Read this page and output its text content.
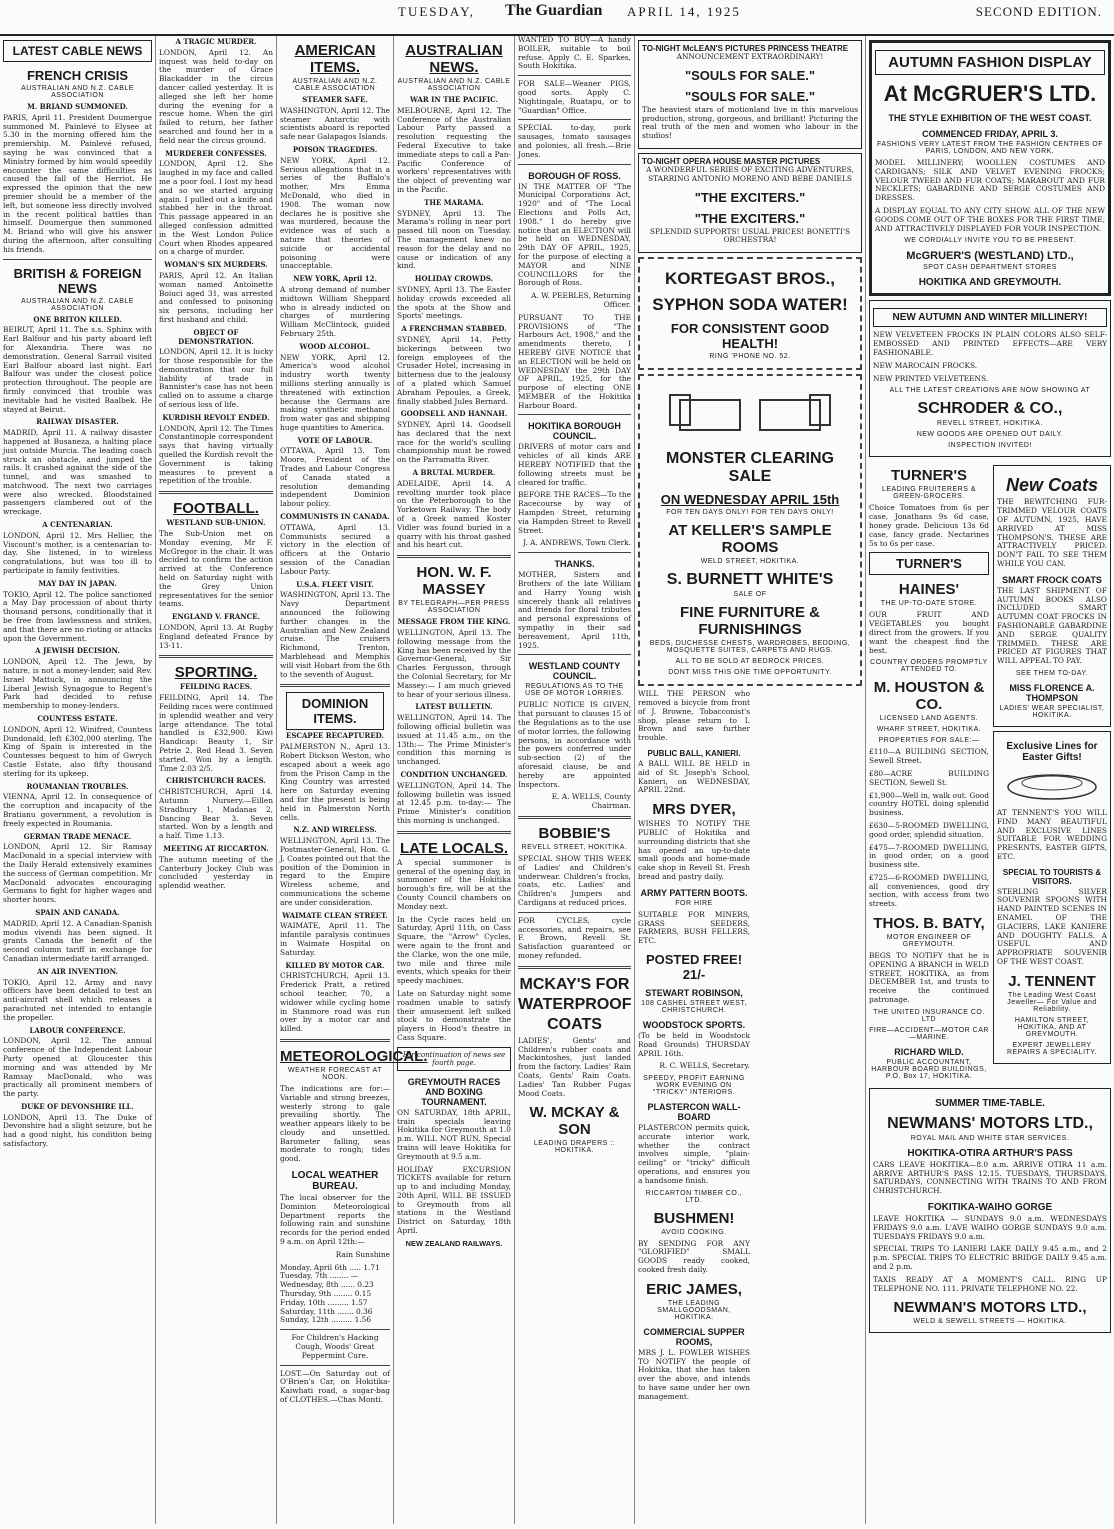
TUESDAY, The Guardian APRIL 14, 1925	SECOND EDITION.
LATEST CABLE NEWS
FRENCH CRISIS
AUSTRALIAN AND N.Z. CABLE ASSOCIATION
M. BRIAND SUMMONED.
PARIS, April 11. President Doumergue summoned M. Painlevé to Elysee at 5.30 in the morning offered him the premiership. M. Painlevé refused, saying he was convinced that a Ministry formed by him would speedily encounter the same difficulties as caused the fall of the Herriot. He expressed the opinion that the new premier should be a member of the left, but someone less directly involved in the recent political battles than himself. Doumergue then summoned M. Briand who will give his answer during the afternoon, after consulting his friends.
BRITISH & FOREIGN NEWS
AUSTRALIAN AND N.Z. CABLE ASSOCIATION
ONE BRITON KILLED.
BEIRUT, April 11. The s.s. Sphinx with Earl Balfour and his party aboard left for Alexandria. There was no demonstration. General Sarrail visited Earl Balfour aboard last night. Earl Balfour was under the closest police protection throughout. The people are firmly convinced that trouble was inevitable had he visited Baalbek. He stayed at Beirut.
RAILWAY DISASTER.
MADRID, April 11. A railway disaster happened at Busaneza, a halting place just outside Murcia. The leading coach struck an obstacle, and jumped the rails. It crashed against the side of the tunnel, and was smashed to matchwood. The next two carriages were also wrecked. Bloodstained passengers clambered out of the wreckage.
A CENTENARIAN.
LONDON, April 12. Mrs Hellier, the Viscount's mother, is a centenarian to-day. She listened, in to wireless congratulations, but was too ill to participate in family festivities.
MAY DAY IN JAPAN.
TOKIO, April 12. The police sanctioned a May Day procession of about thirty thousand persons, conditionally that it be free from lawlessness and strikes, and that there are no rioting or attacks upon the Government.
A JEWISH DECISION.
LONDON, April 12. The Jews, by nature, is not a money-lender, said Rev. Israel Mattuck, in announcing the Liberal Jewish Synagogue to Regent's Park had decided to refuse membership to money-lenders.
COUNTESS ESTATE.
LONDON, April 12. Winifred, Countess Dundonald, left £302,000 sterling. The King of Spain is interested in the Countesses bequest to him of Gwrych Castle Estate, also fifty thousand sterling for its upkeep.
ROUMANIAN TROUBLES.
VIENNA, April 12. In consequence of the corruption and incapacity of the Bratianu government, a revolution is freely expected in Roumania.
GERMAN TRADE MENACE.
LONDON, April 12. Sir Ramsay MacDonald in a special interview with the Daily Herald extensively examines the success of German competition. Mr MacDonald advocates encouraging Germans to fight for higher wages and shorter hours.
SPAIN AND CANADA.
MADRID, April 12. A Canadian-Spanish modus vivendi has been signed. It grants Canada the benefit of the second column tariff in exchange for Canadian intermediate tariff arranged.
AN AIR INVENTION.
TOKIO, April 12. Army and navy officers have been detailed to test an anti-aircraft shell which releases a parachuted net intended to entangle the propeller.
LABOUR CONFERENCE.
LONDON, April 12. The annual conference of the Independent Labour Party opened at Gloucester this morning and was attended by Mr Ramsay MacDonald, who was practically all prominent members of the party.
DUKE OF DEVONSHIRE ILL.
LONDON, April 13. The Duke of Devonshire had a slight seizure, but he had a good night, his condition being satisfactory.
A TRAGIC MURDER.
LONDON, April 12. An inquest was held to-day on the murder of Grace Blackadder in the circus dancer called yesterday. It is alleged she left her home during the evening for a rescue home. When the girl failed to return, her father searched and found her in a field near the circus ground.
MURDERER CONFESSES.
LONDON, April 12. She laughed in my face and called me a poor fool. I lost my head and so we started arguing again. I pulled out a knife and stabbed her in the throat. This passage appeared in an alleged confession admitted in the West London Police Court when Rhodes appeared on a charge of murder.
WOMAN'S SIX MURDERS.
PARIS, April 12. An Italian woman named Antoinette Boiuci aged 31, was arrested and confessed to poisoning six persons, including her first husband and child.
OBJECT OF DEMONSTRATION.
LONDON, April 12. It is lucky for those responsible for the demonstration that our full liability of trade in Bannister's case has not been called on to assume a charge of serious loss of life.
KURDISH REVOLT ENDED.
LONDON, April 12. The Times Constantinople correspondent says that having virtually quelled the Kurdish revolt the Government is taking measures to prevent a repetition of the trouble.
FOOTBALL.
WESTLAND SUB-UNION.
The Sub-Union met on Monday evening, Mr F. McGregor in the chair. It was decided to confirm the action arrived at the Conference held on Saturday night with the Grey Union representatives for the senior teams.
ENGLAND V. FRANCE.
LONDON, April 13. At Rugby England defeated France by 13-11.
SPORTING.
FEILDING RACES.
FEILDING, April 14. The Feilding races were continued in splendid weather and very large attendance. The total handled is £32,900. Kiwi Handicap: Beauty 1, Sir Petrie 2, Red Head 3. Seven started. Won by a length. Time 2.03 2/5.
CHRISTCHURCH RACES.
CHRISTCHURCH, April 14. Autumn Nursery.—Eillen Stradbury 1, Madanas 2, Dancing Bear 3. Seven started. Won by a length and a half. Time 1.13.
MEETING AT RICCARTON.
The autumn meeting of the Canterbury Jockey Club was concluded yesterday in splendid weather.
AMERICAN ITEMS.
AUSTRALIAN AND N.Z. CABLE ASSOCIATION
STEAMER SAFE.
WASHINGTON, April 12. The steamer Antarctic with scientists aboard is reported safe near Galapagos Islands.
POISON TRAGEDIES.
NEW YORK, April 12. Serious allegations that in a series of the Buffalo's mother, Mrs Emma McDonald, who died in 1908. The woman now declares he is positive she was murdered, because the evidence was of such a nature that theories of suicide or accidental poisoning were unacceptable.
NEW YORK, April 12.
A strong demand of number midtown William Sheppard who is already indicted on charges of murdering William McClintock, guided February 25th.
WOOD ALCOHOL.
NEW YORK, April 12. America's wood alcohol industry worth twenty millions sterling annually is threatened with extinction because the Germans are making synthetic methanol from water gas and shipping huge quantities to America.
VOTE OF LABOUR.
OTTAWA, April 13. Tom Moore, President of the Trades and Labour Congress of Canada stated a resolution demanding independent Dominion labour policy.
COMMUNISTS IN CANADA.
OTTAWA, April 13. Communists secured a victory in the election of officers at the Ontario session of the Canadian Labour Party.
U.S.A. FLEET VISIT.
WASHINGTON, April 13. The Navy Department announced the following further changes in the Australian and New Zealand cruise. The cruisers Richmond, Trenton, Marblehead and Memphis will visit Hobart from the 6th to the seventh of August.
DOMINION ITEMS.
ESCAPEE RECAPTURED.
PALMERSTON N., April 13. Robert Dickson Weston, who escaped about a week ago from the Prison Camp in the King Country was arrested here on Saturday evening and for the present is being held in Palmerston North cells.
N.Z. AND WIRELESS.
WELLINGTON, April 13. The Postmaster-General, Hon. G. J. Coates pointed out that the position of the Dominion in regard to the Empire Wireless scheme, and communications the scheme are under consideration.
WAIMATE CLEAN STREET.
WAIMATE, April 11. The infantile paralysis continues in Waimate Hospital on Saturday.
KILLED BY MOTOR CAR.
CHRISTCHURCH, April 13. Frederick Pratt, a retired school teacher, 70, a widower while cycling home in Stanmore road was run over by a motor car and killed.
METEOROLOGICAL.
WEATHER FORECAST AT NOON.
The indications are for:—Variable and strong breezes, westerly strong to gale prevailing shortly. The weather appears likely to be cloudy and unsettled. Barometer falling, seas moderate to rough; tides good.
LOCAL WEATHER BUREAU.
The local observer for the Dominion Meteorological Department reports the following rain and sunshine records for the period ended 9 a.m. on April 12th:—
Rain Sunshine
Monday, April 6th ..... 1.71
Tuesday, 7th ........ —
Wednesday, 8th ...... 0.23
Thursday, 9th ........ 0.15
Friday, 10th ......... 1.57
Saturday, 11th ....... 0.36
Sunday, 12th ......... 1.56
For Children's Hacking Cough, Woods' Great Peppermint Cure.
LOST.—On Saturday out of O'Brien's Car, on Hokitika-Kaiwhati road, a sugar-bag of CLOTHES.—Chas Monti.
AUSTRALIAN NEWS.
AUSTRALIAN AND N.Z. CABLE ASSOCIATION
WAR IN THE PACIFIC.
MELBOURNE, April 12. The Conference of the Australian Labour Party passed a resolution requesting the Federal Executive to take immediate steps to call a Pan-Pacific Conference of workers' representatives with the object of preventing war in the Pacific.
THE MARAMA.
SYDNEY, April 13. The Marama's rolling in near port passed till noon on Tuesday. The management knew no reason for the delay and no cause or indication of any kind.
HOLIDAY CROWDS.
SYDNEY, April 13. The Easter holiday crowds exceeded all the spots at the Show and Sports' meetings.
A FRENCHMAN STABBED.
SYDNEY, April 14. Petty bickerings between two foreign employees of the Crusader Hotel, increasing in bitterness due to the jealousy of a plated which Samuel Abraham Pepoules, a Greek, finally stabbed Jules Bernard.
GOODSELL AND HANNAH.
SYDNEY, April 14. Goodsell has declared that the next race for the world's sculling championship must be rowed on the Parramatta River.
A BRUTAL MURDER.
ADELAIDE, April 14. A revolting murder took place on the Peterborough to the Yorketown Railway. The body of a Greek named Koster Vidler was found buried in a quarry with his throat gashed and his heart cut.
HON. W. F. MASSEY
BY TELEGRAPH—PER PRESS ASSOCIATION
MESSAGE FROM THE KING.
WELLINGTON, April 13. The following message from the King has been received by the Governor-General, Sir Charles Fergusson, through the Colonial Secretary, for Mr Massey:— I am much grieved to hear of your serious illness.
LATEST BULLETIN.
WELLINGTON, April 14. The following official bulletin was issued at 11.45 a.m., on the 13th:— The Prime Minister's condition this morning is unchanged.
CONDITION UNCHANGED.
WELLINGTON, April 14. The following bulletin was issued at 12.45 p.m. to-day:— The Prime Minister's condition this morning is unchanged.
LATE LOCALS.
A special summoner is general of the opening day, in summoner of the Hokitika borough's fire, will be at the County Council chambers on Monday next.
In the Cycle races held on Saturday, April 11th, on Cass Square, the "Arrow" Cycles, were again to the front and the Clarke, won the one mile, two mile and three mile events, which speaks for their speedy machines.
Late on Saturday night some roadmen unable to satisfy their amusement left sulked stock to demonstrate the players in Hood's theatre in Cass Square.
For continuation of news see fourth page.
GREYMOUTH RACES AND BOXING TOURNAMENT.
ON SATURDAY, 18th APRIL, train specials leaving Hokitika for Greymouth at 1.0 p.m. WILL NOT RUN. Special trains will leave Hokitika for Greymouth at 9.5 a.m.
HOLIDAY EXCURSION TICKETS available for return up to and including Monday, 20th April, WILL BE ISSUED to Greymouth from all stations in the Westland District on Saturday, 18th April.
NEW ZEALAND RAILWAYS.
WANTED TO BUY—A handy BOILER, suitable to boil refuse. Apply C. E. Sparkes, South Hokitika.
FOR SALE—Weaner PIGS, good sorts. Apply C. Nightingale, Ruatapu, or to "Guardian" Office.
SPECIAL to-day, pork sausages, tomato sausages and polonies, all fresh.—Brie Jones.
BOROUGH OF ROSS.
IN THE MATTER OF "The Municipal Corporations Act, 1920" and of "The Local Elections and Polls Act, 1908." I do hereby give notice that an ELECTION will be held on WEDNESDAY, 29th DAY OF APRIL, 1925, for the purpose of electing a MAYOR and NINE COUNCILLORS for the Borough of Ross.
A. W. PEEBLES, Returning Officer.
PURSUANT TO THE PROVISIONS of "The Harbours Act, 1908," and the amendments thereto, I HEREBY GIVE NOTICE that an ELECTION will be held on WEDNESDAY the 29th DAY OF APRIL, 1925, for the purpose of electing ONE MEMBER of the Hokitika Harbour Board.
HOKITIKA BOROUGH COUNCIL.
DRIVERS of motor cars and vehicles of all kinds ARE HEREBY NOTIFIED that the following streets must be cleared for traffic.
BEFORE THE RACES—To the Racecourse by way of Hampden Street, returning via Hampden Street to Revell Street.
J. A. ANDREWS, Town Clerk.
THANKS.
MOTHER, Sisters and Brothers of the late William and Harry Young wish sincerely thank all relatives and friends for floral tributes and personal expressions of sympathy in their sad bereavement, April 11th, 1925.
WESTLAND COUNTY COUNCIL.
REGULATIONS AS TO THE USE OF MOTOR LORRIES.
PUBLIC NOTICE IS GIVEN, that pursuant to clauses 15 of the Regulations as to the use of motor lorries, the following persons, in accordance with the powers conferred under sub-section (2) of the aforesaid clause, be and hereby are appointed Inspectors.
E. A. WELLS, County Chairman.
BOBBIE'S
REVELL STREET, HOKITIKA.
SPECIAL SHOW THIS WEEK of Ladies' and Children's underwear. Children's frocks, coats, etc. Ladies' and Children's Jumpers and Cardigans at reduced prices.
FOR CYCLES, cycle accessories, and repairs, see F. Brown, Revell St. Satisfaction guaranteed or money refunded.
MCKAY'S FOR WATERPROOF COATS
LADIES', Gents' and Children's rubber coats and Mackintoshes, just landed from the factory. Ladies' Rain Coats, Gents' Rain Coats. Ladies' Tan Rubber Fugas Mood Coats.
W. MCKAY & SON
LEADING DRAPERS :: HOKITIKA.
TO-NIGHT McLEAN'S PICTURES PRINCESS THEATRE
ANNOUNCEMENT EXTRAORDINARY!
"SOULS FOR SALE."
"SOULS FOR SALE."
The heaviest stars of motionland live in this marvelous production, strong, gorgeous, and brilliant! Picturing the real truth of the men and women who labour in the studios!
TO-NIGHT OPERA HOUSE MASTER PICTURES
A WONDERFUL SERIES OF EXCITING ADVENTURES, STARRING ANTONIO MORENO AND BEBE DANIELS
"THE EXCITERS."
"THE EXCITERS."
SPLENDID SUPPORTS! USUAL PRICES! BONETTI'S ORCHESTRA!
KORTEGAST BROS.,
SYPHON SODA WATER!
FOR CONSISTENT GOOD HEALTH!
RING 'PHONE NO. 52.
MONSTER CLEARING SALE
ON WEDNESDAY APRIL 15th
FOR TEN DAYS ONLY! FOR TEN DAYS ONLY!
AT KELLER'S SAMPLE ROOMS
WELD STREET, HOKITIKA.
S. BURNETT WHITE'S
SALE OF
FINE FURNITURE & FURNISHINGS
BEDS, DUCHESSE CHESTS, WARDROBES, BEDDING, MOSQUETTE SUITES, CARPETS AND RUGS.
ALL TO BE SOLD AT BEDROCK PRICES.
DONT MISS THIS ONE TIME OPPORTUNITY.
WILL THE PERSON who removed a bicycle from front of J. Browne, Tobacconist's shop, please return to I. Brown and save further trouble.
PUBLIC BALL, KANIERI.
A BALL WILL BE HELD in aid of St. Joseph's School, Kanieri, on WEDNESDAY, APRIL 22nd.
MRS DYER,
WISHES TO NOTIFY THE PUBLIC of Hokitika and surrounding districts that she has opened an up-to-date small goods and home-made cake shop in Revell St. Fresh bread and pastry daily.
ARMY PATTERN BOOTS.
FOR HIRE
SUITABLE FOR MINERS, GRASS SEEDERS, FARMERS, BUSH FELLERS, ETC.
POSTED FREE! 21/-
STEWART ROBINSON,
108 CASHEL STREET WEST, CHRISTCHURCH.
WOODSTOCK SPORTS.
(To be held in Woodstock Road Grounds) THURSDAY APRIL 16th.
R. C. WELLS, Secretary.
SPEEDY, PROFIT EARNING WORK EVENING ON "TRICKY" INTERIORS.
PLASTERCON WALL-BOARD
PLASTERCON permits quick, accurate interior work, whether the contract involves simple, "plain-ceiling" or "tricky" difficult operations, and ensures you a handsome finish.
RICCARTON TIMBER CO., LTD.
BUSHMEN!
AVOID COOKING.
BY SENDING FOR ANY "GLORIFIED" SMALL GOODS ready cooked, cooked fresh daily.
ERIC JAMES,
THE LEADING SMALLGOODSMAN, HOKITIKA.
COMMERCIAL SUPPER ROOMS,
MRS J. L. FOWLER WISHES TO NOTIFY the people of Hokitika, that she has taken over the above, and intends to have same under her own management.
AUTUMN FASHION DISPLAY
At McGRUER'S LTD.
THE STYLE EXHIBITION OF THE WEST COAST.
COMMENCED FRIDAY, APRIL 3.
FASHIONS VERY LATEST FROM THE FASHION CENTRES OF PARIS, LONDON, AND NEW YORK.
MODEL MILLINERY; WOOLLEN COSTUMES AND CARDIGANS; SILK AND VELVET EVENING FROCKS; VELOUR TWEED AND FUR COATS; MARABOUT AND FUR NECKLETS; GABARDINE AND SERGE COSTUMES AND DRESSES.
A DISPLAY EQUAL TO ANY CITY SHOW. ALL OF THE NEW GOODS COME OUT OF THE BOXES FOR THE FIRST TIME, AND ATTRACTIVELY DISPLAYED FOR YOUR INSPECTION.
WE CORDIALLY INVITE YOU TO BE PRESENT.
McGRUER'S (WESTLAND) LTD.,
SPOT CASH DEPARTMENT STORES
HOKITIKA AND GREYMOUTH.
NEW AUTUMN AND WINTER MILLINERY!
NEW VELVETEEN FROCKS IN PLAIN COLORS ALSO SELF-EMBOSSED AND PRINTED EFFECTS—ARE VERY FASHIONABLE.
NEW MAROCAIN FROCKS.
NEW PRINTED VELVETEENS.
ALL THE LATEST CREATIONS ARE NOW SHOWING AT
SCHRODER & CO.,
REVELL STREET, HOKITIKA.
NEW GOODS ARE OPENED OUT DAILY.
INSPECTION INVITED!
TURNER'S
LEADING FRUITERERS & GREEN-GROCERS.
Choice Tomatoes from 6s per case, Jonathans 9s 6d case, honey grade. Delicious 13s 6d case, fancy grade. Nectarines 5s to 6s per case.
TURNER'S
HAINES'
THE UP-TO-DATE STORE.
OUR FRUIT AND VEGETABLES you bought direct from the growers. If you want the cheapest find the best.
COUNTRY ORDERS PROMPTLY ATTENDED TO.
M. HOUSTON & CO.
LICENSED LAND AGENTS.
WHARF STREET, HOKITIKA.
PROPERTIES FOR SALE:—
£110—A BUILDING SECTION, Sewell Street.
£80—ACRE BUILDING SECTION, Sewell St.
£1,900—Well in, walk out. Good country HOTEL doing splendid business.
£630—5-ROOMED DWELLING, good order, splendid situation.
£475—7-ROOMED DWELLING, in good order, on a good business site.
£725—6-ROOMED DWELLING, all conveniences, good dry section, with access from two streets.
THOS. B. BATY,
MOTOR ENGINEER OF GREYMOUTH.
BEGS TO NOTIFY that he is OPENING A BRANCH in WELD STREET, HOKITIKA, as from DECEMBER 1st, and trusts to receive the continued patronage.
THE UNITED INSURANCE CO. LTD
FIRE—ACCIDENT—MOTOR CAR—MARINE.
RICHARD WILD.
PUBLIC ACCOUNTANT, HARBOUR BOARD BUILDINGS, P.O. Box 17, HOKITIKA.
New Coats
THE BEWITCHING FUR-TRIMMED VELOUR COATS OF AUTUMN, 1925, HAVE ARRIVED AT MISS THOMPSON'S. THESE ARE ATTRACTIVELY PRICED. DON'T FAIL TO SEE THEM WHILE YOU CAN.
SMART FROCK COATS
THE LAST SHIPMENT OF AUTUMN BOOKS ALSO INCLUDED SMART AUTUMN COAT FROCKS IN FASHIONABLE GABARDINE AND SERGE QUALITY TRIMMED. THESE ARE PRICED AT FIGURES THAT WILL APPEAL TO PAY.
SEE THEM TO-DAY.
MISS FLORENCE A. THOMPSON
LADIES' WEAR SPECIALIST, HOKITIKA.
Exclusive Lines for Easter Gifts!
AT TENNENT'S YOU WILL FIND MANY BEAUTIFUL AND EXCLUSIVE LINES SUITABLE FOR WEDDING PRESENTS, EASTER GIFTS, ETC.
SPECIAL TO TOURISTS & VISITORS.
STERLING SILVER SOUVENIR SPOONS WITH HAND PAINTED SCENES IN ENAMEL OF THE GLACIERS, LAKE KANIERE AND DOUGHTY FALLS. A USEFUL AND APPROPRIATE SOUVENIR OF THE WEST COAST.
J. TENNENT
The Leading West Coast Jeweller— For Value and Reliability.
HAMILTON STREET, HOKITIKA, AND AT GREYMOUTH.
EXPERT JEWELLERY REPAIRS A SPECIALITY.
SUMMER TIME-TABLE.
NEWMANS' MOTORS LTD.,
ROYAL MAIL AND WHITE STAR SERVICES.
HOKITIKA-OTIRA ARTHUR'S PASS
CARS LEAVE HOKITIKA—8.0 a.m. ARRIVE OTIRA 11 a.m. ARRIVE ARTHUR'S PASS 12.15. TUESDAYS, THURSDAYS, SATURDAYS, CONNECTING WITH TRAINS TO AND FROM CHRISTCHURCH.
FOKITIKA-WAIHO GORGE
LEAVE HOKITIKA — SUNDAYS 9.0 a.m. WEDNESDAYS FRIDAYS 9.0 a.m. L'AVE WAIHO GORGE SUNDAYS 9.0 a.m. TUESDAYS FRIDAYS 9.0 a.m.
SPECIAL TRIPS TO LANIERI LAKE DAILY 9.45 a.m., and 2 p.m. SPECIAL TRIPS TO ELECTRIC BRIDGE DAILY 9.45 a.m. and 2 p.m.
TAXIS READY AT A MOMENT'S CALL. RING UP TELEPHONE NO. 111. PRIVATE TELEPHONE NO. 22.
NEWMAN'S MOTORS LTD.,
WELD & SEWELL STREETS — HOKITIKA.
